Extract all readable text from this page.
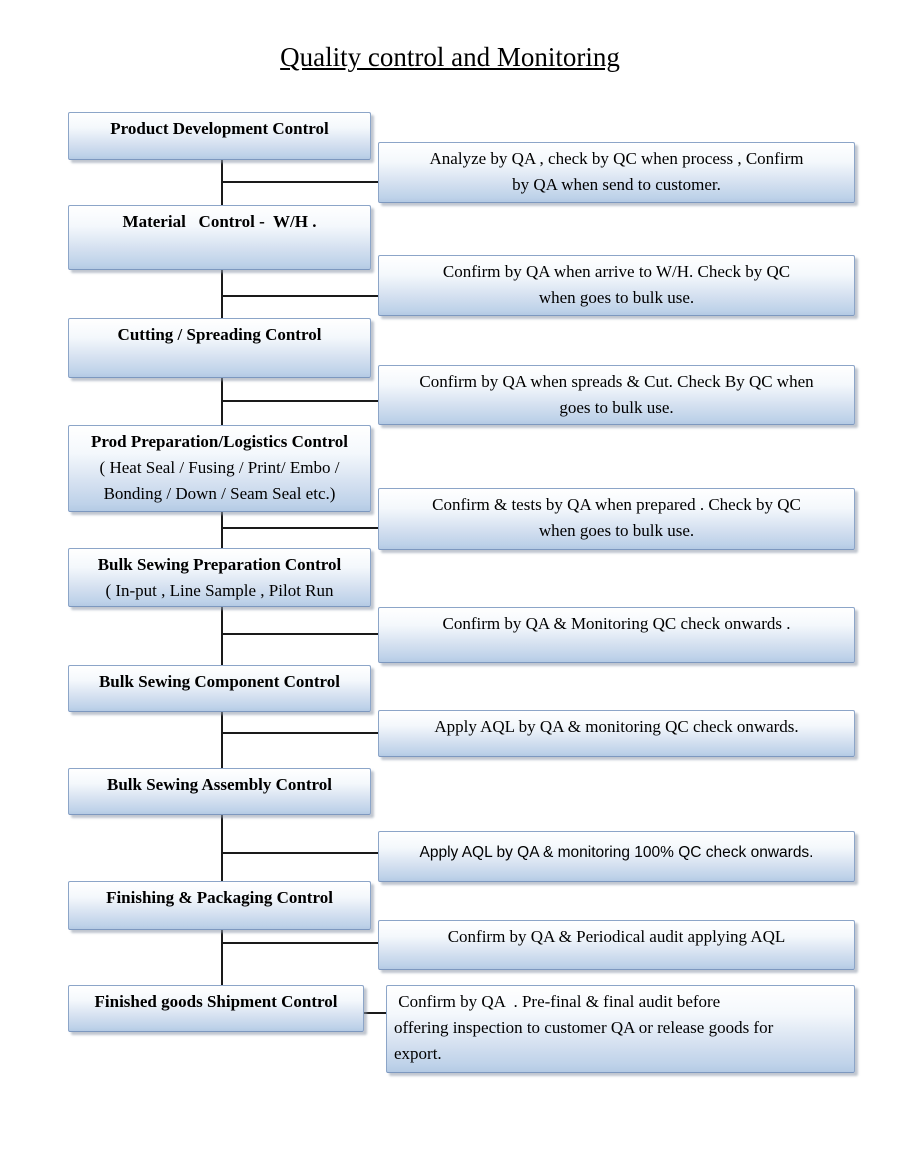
Quality control and Monitoring
Product Development Control
Material   Control -  W/H .
Cutting / Spreading Control
Prod Preparation/Logistics Control
( Heat Seal / Fusing / Print/ Embo /
Bonding / Down / Seam Seal etc.)
Bulk Sewing Preparation Control
( In-put , Line Sample , Pilot Run
Bulk Sewing Component Control
Bulk Sewing Assembly Control
Finishing & Packaging Control
Finished goods Shipment Control
Analyze by QA , check by QC when process , Confirm
by QA when send to customer.
Confirm by QA when arrive to W/H. Check by QC
when goes to bulk use.
Confirm by QA when spreads & Cut. Check By QC when
goes to bulk use.
Confirm & tests by QA when prepared . Check by QC
when goes to bulk use.
Confirm by QA & Monitoring QC check onwards .
Apply AQL by QA & monitoring QC check onwards.
Apply AQL by QA & monitoring 100% QC check onwards.
Confirm by QA & Periodical audit applying AQL
Confirm by QA  . Pre-final & final audit before
offering inspection to customer QA or release goods for
export.
